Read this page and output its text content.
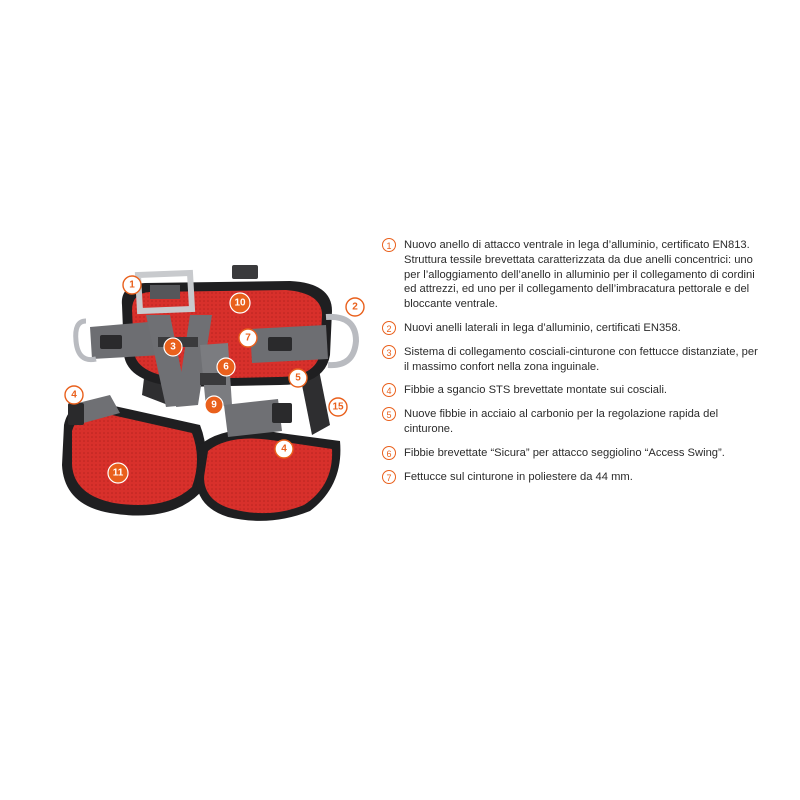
1
2
3
4
4
5
6
7
9
10
11
15
1	Nuovo anello di attacco ventrale in lega d’alluminio, certificato EN813. Struttura tessile brevettata caratterizzata da due anelli concentrici: uno per l’alloggiamento dell’anello in alluminio per il collegamento di cordini ed attrezzi, ed uno per il collegamento dell’imbracatura pettorale e del bloccante ventrale.
2	Nuovi anelli laterali in lega d’alluminio, certificati EN358.
3	Sistema di collegamento cosciali-cinturone con fettucce distanziate, per il massimo confort nella zona inguinale.
4	Fibbie a sgancio STS brevettate montate sui cosciali.
5	Nuove fibbie in acciaio al carbonio per la regolazione rapida del cinturone.
6	Fibbie brevettate “Sicura” per attacco seggiolino “Access Swing”.
7	Fettucce sul cinturone in poliestere da 44 mm.
